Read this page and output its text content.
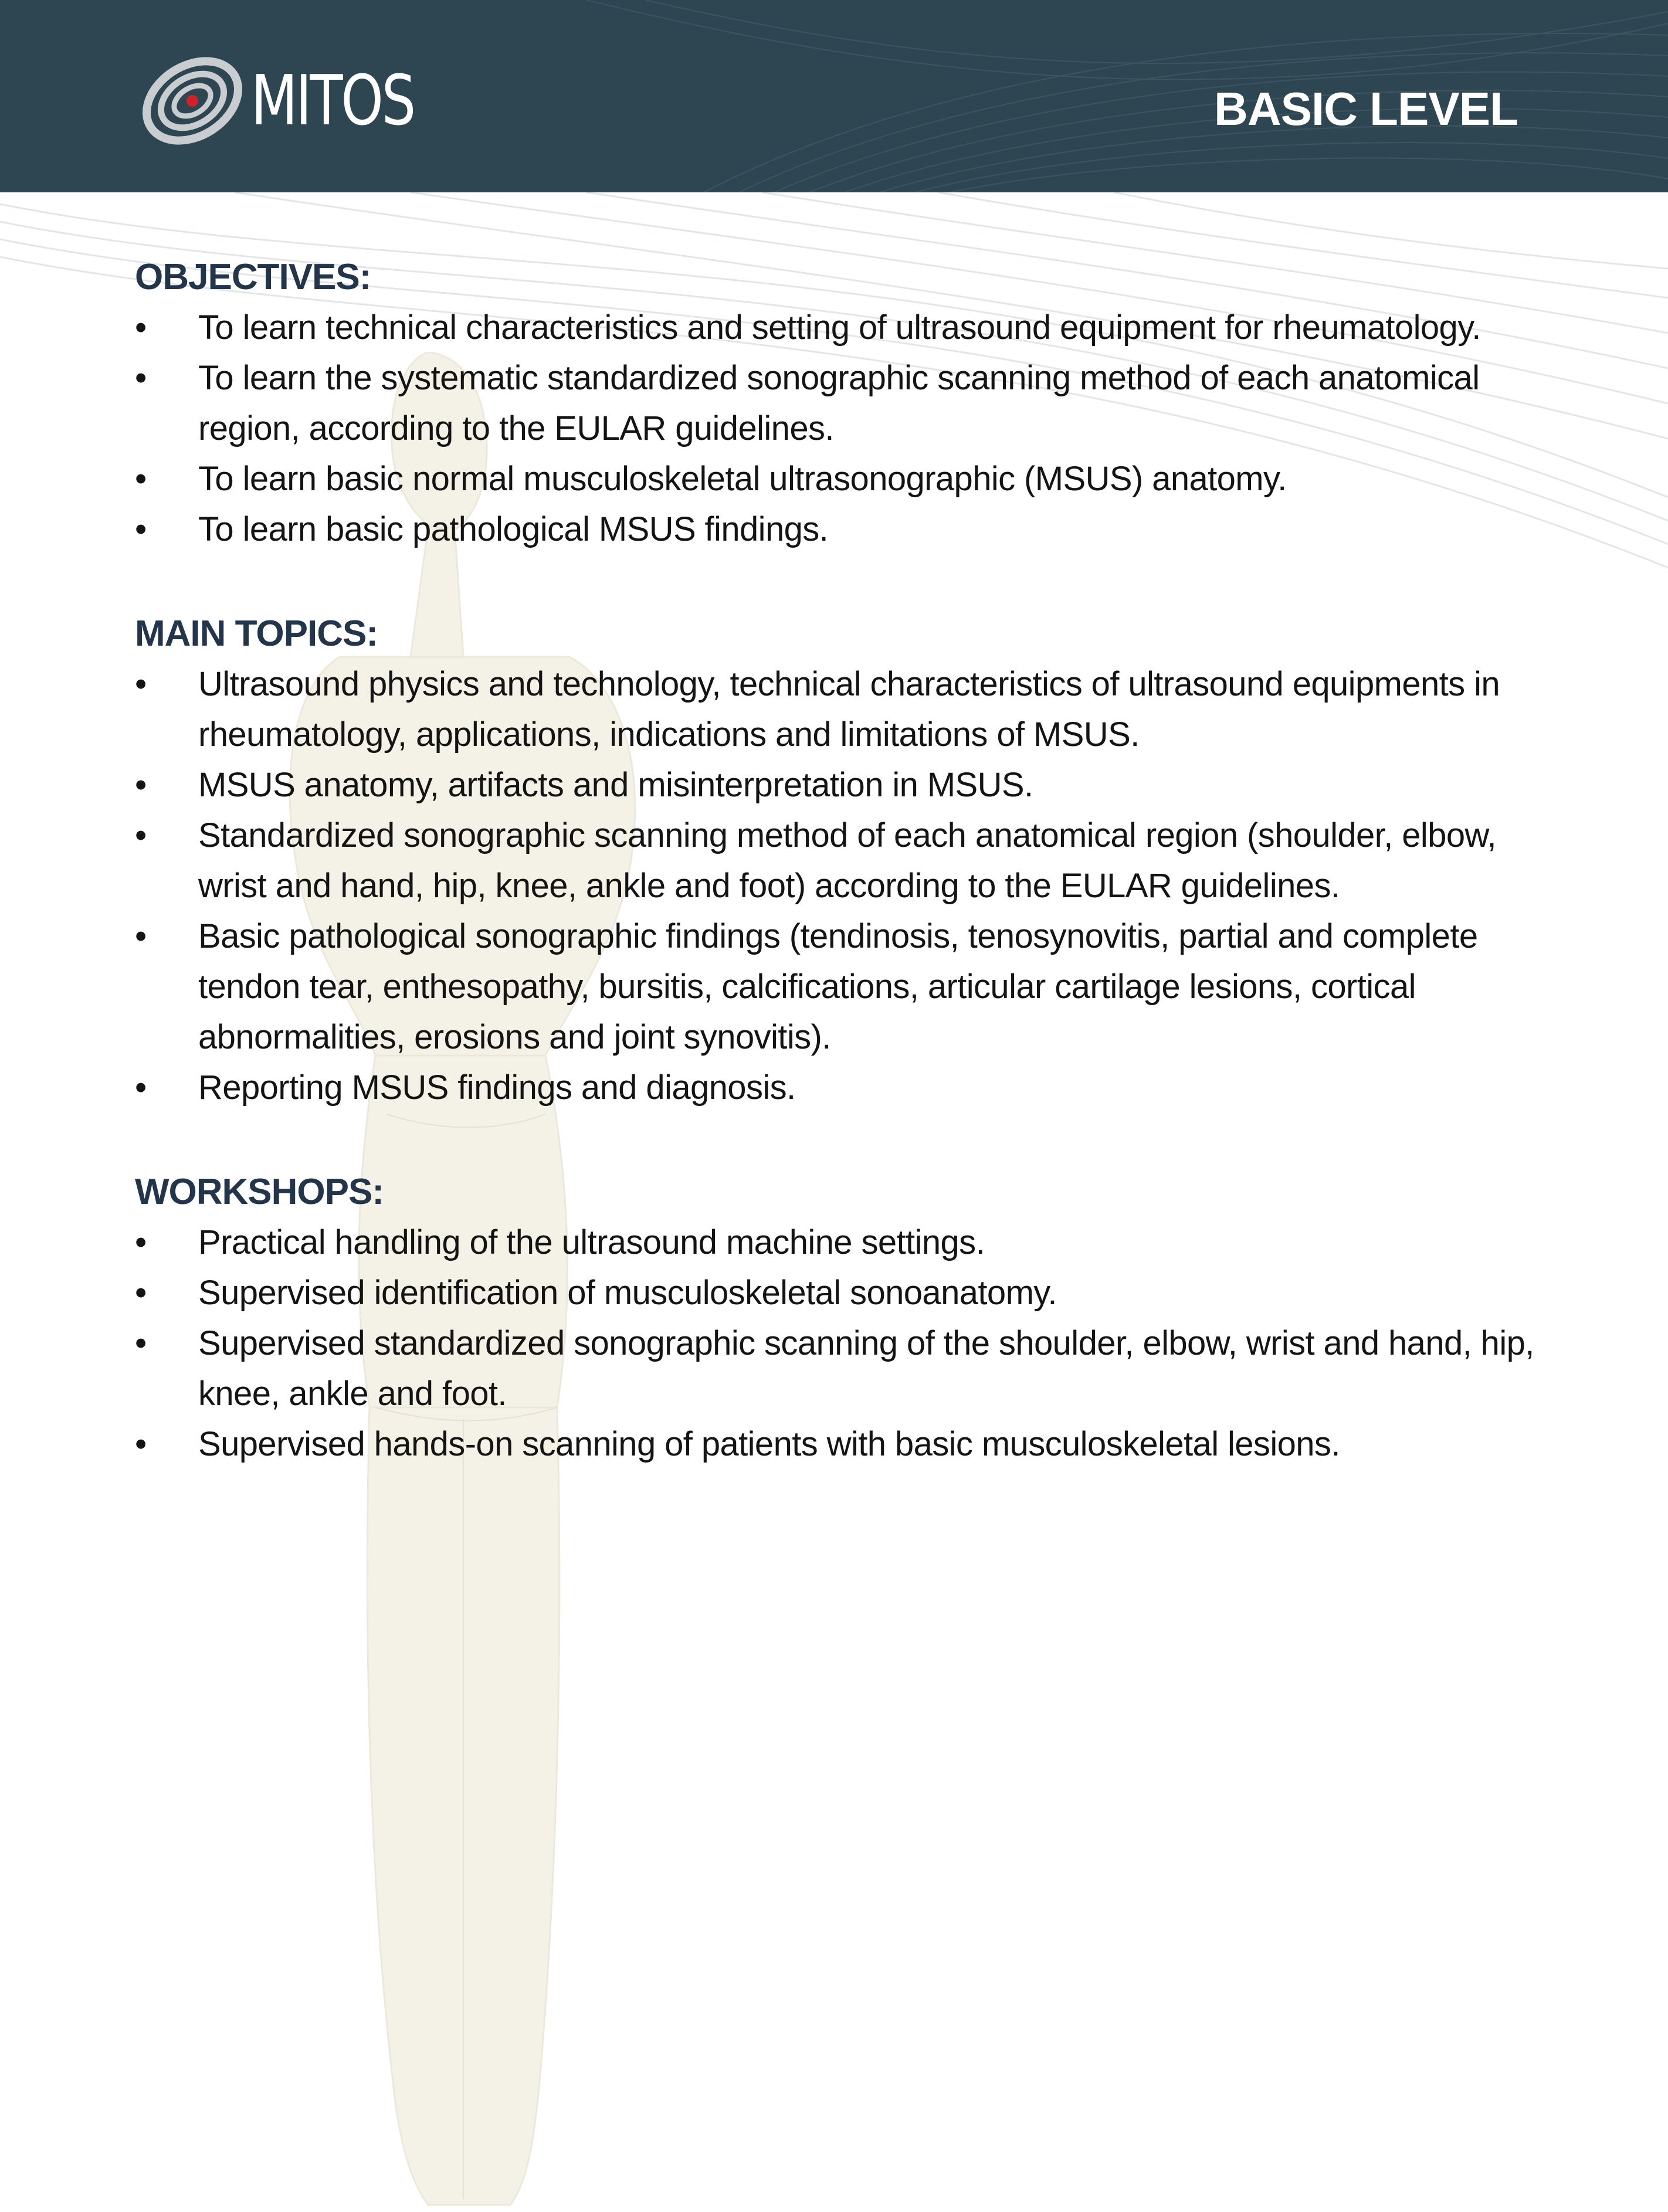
MITOS	BASIC LEVEL
OBJECTIVES:
• To learn technical characteristics and setting of ultrasound equipment for rheumatology.
• To learn the systematic standardized sonographic scanning method of each anatomical region, according to the EULAR guidelines.
• To learn basic normal musculoskeletal ultrasonographic (MSUS) anatomy.
• To learn basic pathological MSUS findings.
MAIN TOPICS:
• Ultrasound physics and technology, technical characteristics of ultrasound equipments in rheumatology, applications, indications and limitations of MSUS.
• MSUS anatomy, artifacts and misinterpretation in MSUS.
• Standardized sonographic scanning method of each anatomical region (shoulder, elbow, wrist and hand, hip, knee, ankle and foot) according to the EULAR guidelines.
• Basic pathological sonographic findings (tendinosis, tenosynovitis, partial and complete tendon tear, enthesopathy, bursitis, calcifications, articular cartilage lesions, cortical abnormalities, erosions and joint synovitis).
• Reporting MSUS findings and diagnosis.
WORKSHOPS:
• Practical handling of the ultrasound machine settings.
• Supervised identification of musculoskeletal sonoanatomy.
• Supervised standardized sonographic scanning of the shoulder, elbow, wrist and hand, hip, knee, ankle and foot.
• Supervised hands-on scanning of patients with basic musculoskeletal lesions.
